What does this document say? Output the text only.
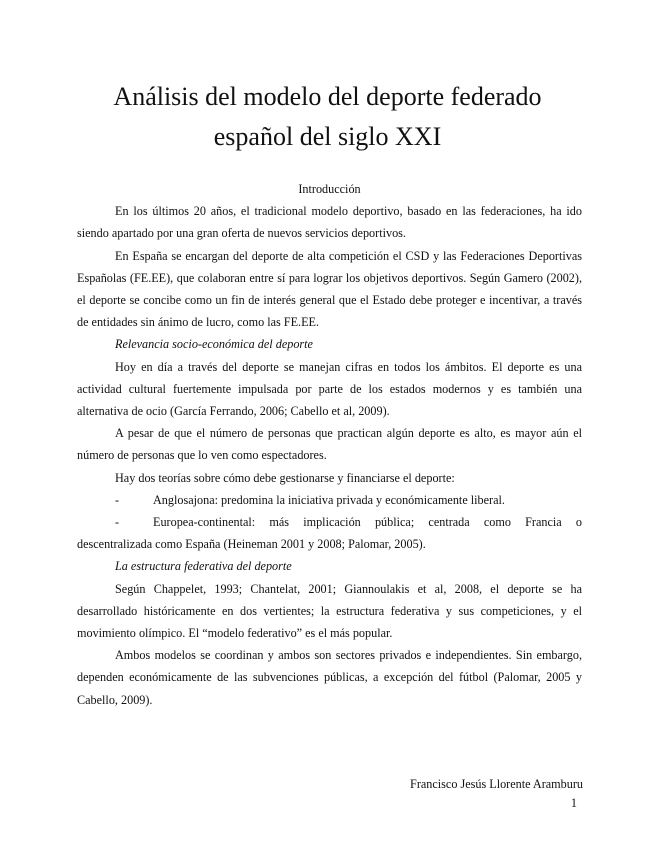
Análisis del modelo del deporte federado
español del siglo XXI

Introducción

En los últimos 20 años, el tradicional modelo deportivo, basado en las federaciones, ha ido siendo apartado por una gran oferta de nuevos servicios deportivos.

En España se encargan del deporte de alta competición el CSD y las Federaciones Deportivas Españolas (FE.EE), que colaboran entre sí para lograr los objetivos deportivos. Según Gamero (2002), el deporte se concibe como un fin de interés general que el Estado debe proteger e incentivar, a través de entidades sin ánimo de lucro, como las FE.EE.

Relevancia socio-económica del deporte

Hoy en día a través del deporte se manejan cifras en todos los ámbitos. El deporte es una actividad cultural fuertemente impulsada por parte de los estados modernos y es también una alternativa de ocio (García Ferrando, 2006; Cabello et al, 2009).

A pesar de que el número de personas que practican algún deporte es alto, es mayor aún el número de personas que lo ven como espectadores.

Hay dos teorías sobre cómo debe gestionarse y financiarse el deporte:

-	Anglosajona: predomina la iniciativa privada y económicamente liberal.

-	Europea-continental: más implicación pública; centrada como Francia o descentralizada como España (Heineman 2001 y 2008; Palomar, 2005).

La estructura federativa del deporte

Según Chappelet, 1993; Chantelat, 2001; Giannoulakis et al, 2008, el deporte se ha desarrollado históricamente en dos vertientes; la estructura federativa y sus competiciones, y el movimiento olímpico. El “modelo federativo” es el más popular.

Ambos modelos se coordinan y ambos son sectores privados e independientes. Sin embargo, dependen económicamente de las subvenciones públicas, a excepción del fútbol (Palomar, 2005 y Cabello, 2009).

Francisco Jesús Llorente Aramburu
1
